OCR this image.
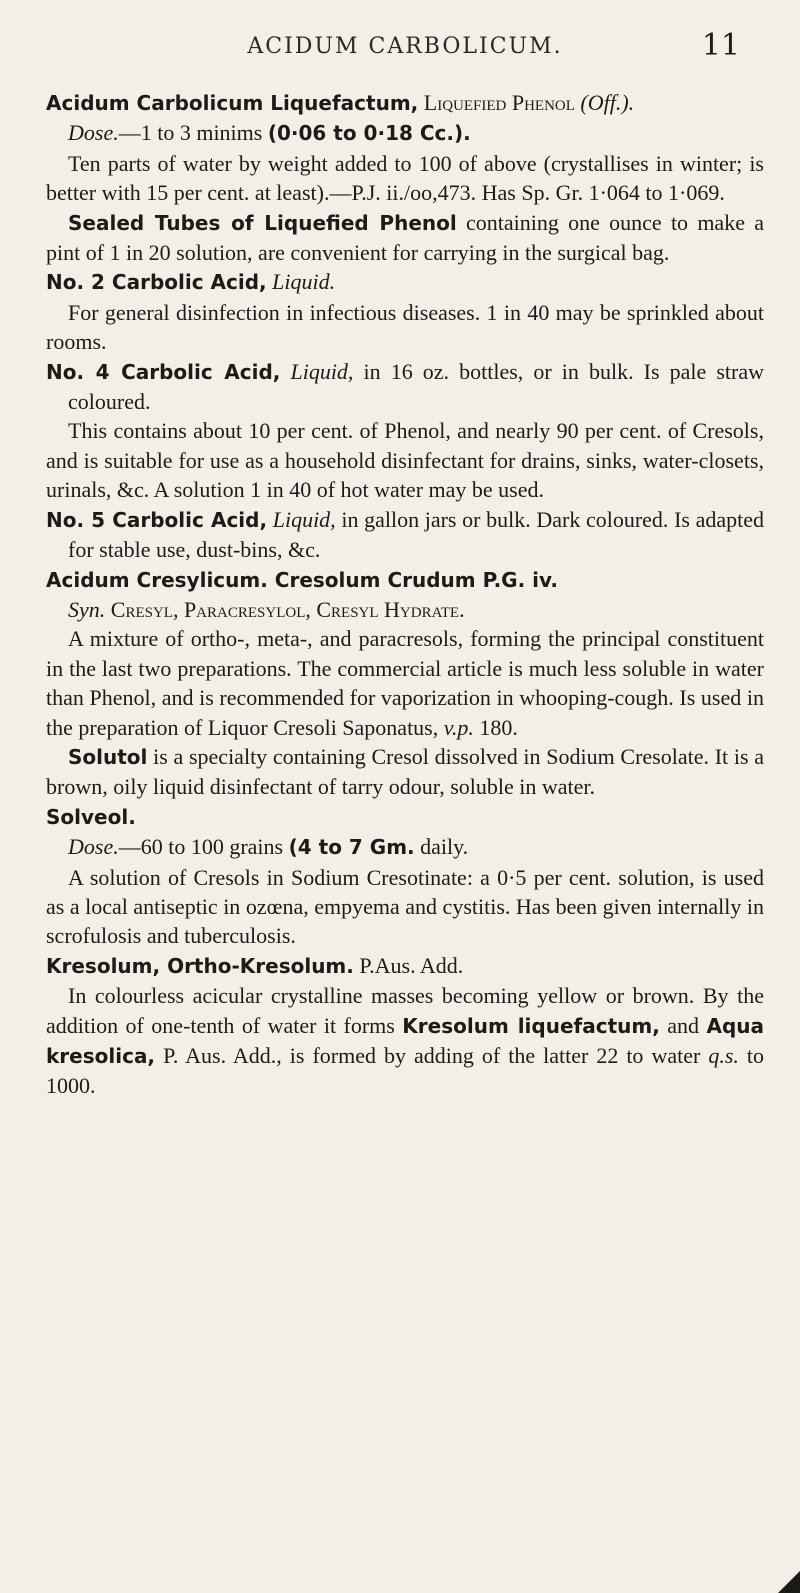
ACIDUM CARBOLICUM.	11

Acidum Carbolicum Liquefactum, Liquefied Phenol (Off.).

Dose.—1 to 3 minims (0·06 to 0·18 Cc.).

Ten parts of water by weight added to 100 of above (crystallises in winter; is better with 15 per cent. at least).—P.J. ii./oo,473. Has Sp. Gr. 1·064 to 1·069.

Sealed Tubes of Liquefied Phenol containing one ounce to make a pint of 1 in 20 solution, are convenient for carrying in the surgical bag.

No. 2 Carbolic Acid, Liquid.

For general disinfection in infectious diseases. 1 in 40 may be sprinkled about rooms.

No. 4 Carbolic Acid, Liquid, in 16 oz. bottles, or in bulk. Is pale straw coloured.

This contains about 10 per cent. of Phenol, and nearly 90 per cent. of Cresols, and is suitable for use as a household disinfectant for drains, sinks, water-closets, urinals, &c. A solution 1 in 40 of hot water may be used.

No. 5 Carbolic Acid, Liquid, in gallon jars or bulk. Dark coloured. Is adapted for stable use, dust-bins, &c.

Acidum Cresylicum. Cresolum Crudum P.G. iv.

Syn. Cresyl, Paracresylol, Cresyl Hydrate.

A mixture of ortho-, meta-, and paracresols, forming the principal constituent in the last two preparations. The commercial article is much less soluble in water than Phenol, and is recommended for vaporization in whooping-cough. Is used in the preparation of Liquor Cresoli Saponatus, v.p. 180.

Solutol is a specialty containing Cresol dissolved in Sodium Cresolate. It is a brown, oily liquid disinfectant of tarry odour, soluble in water.

Solveol.

Dose.—60 to 100 grains (4 to 7 Gm. daily.

A solution of Cresols in Sodium Cresotinate: a 0·5 per cent. solution, is used as a local antiseptic in ozœna, empyema and cystitis. Has been given internally in scrofulosis and tuberculosis.

Kresolum, Ortho-Kresolum. P.Aus. Add.

In colourless acicular crystalline masses becoming yellow or brown. By the addition of one-tenth of water it forms Kresolum liquefactum, and Aqua kresolica, P. Aus. Add., is formed by adding of the latter 22 to water q.s. to 1000.
